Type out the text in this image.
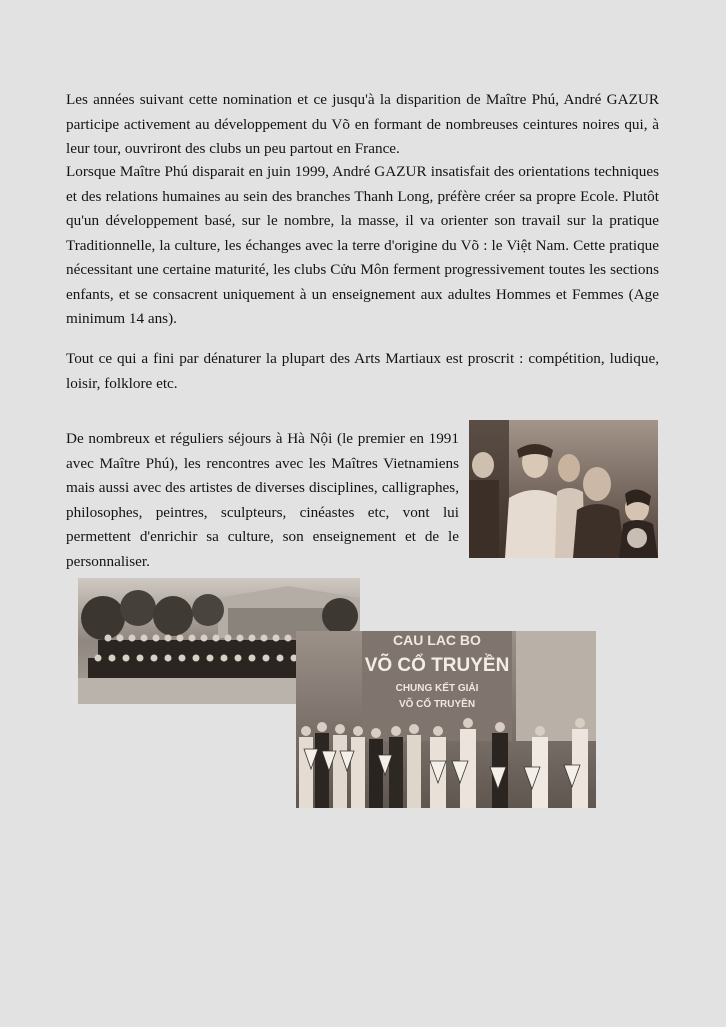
Les années suivant cette nomination et ce jusqu'à la disparition de Maître Phú, André GAZUR participe activement au développement du Võ en formant de nombreuses ceintures noires qui, à leur tour, ouvriront des clubs un peu partout en France.

Lorsque Maître Phú disparait en juin 1999, André GAZUR insatisfait des orientations techniques et des relations humaines au sein des branches Thanh Long, préfère créer sa propre Ecole. Plutôt qu'un développement basé, sur le nombre, la masse, il va orienter son travail sur la pratique Traditionnelle, la culture, les échanges avec la terre d'origine du Võ : le Việt Nam. Cette pratique nécessitant une certaine maturité, les clubs Cửu Môn ferment progressivement toutes les sections enfants, et se consacrent uniquement à un enseignement aux adultes Hommes et Femmes (Age minimum 14 ans).

Tout ce qui a fini par dénaturer la plupart des Arts Martiaux est proscrit : compétition, ludique, loisir, folklore etc.

De nombreux et réguliers séjours à Hà Nội (le premier en 1991 avec Maître Phú), les rencontres avec les Maîtres Vietnamiens mais aussi avec des artistes de diverses disciplines, calligraphes, philosophes, peintres, sculpteurs, cinéastes etc, vont lui permettent d'enrichir sa culture, son enseignement et de le personnaliser.

CAU LAC BO
VÕ CỔ TRUYỀN
CHUNG KẾT GIẢI
VÕ CỔ TRUYỀN
